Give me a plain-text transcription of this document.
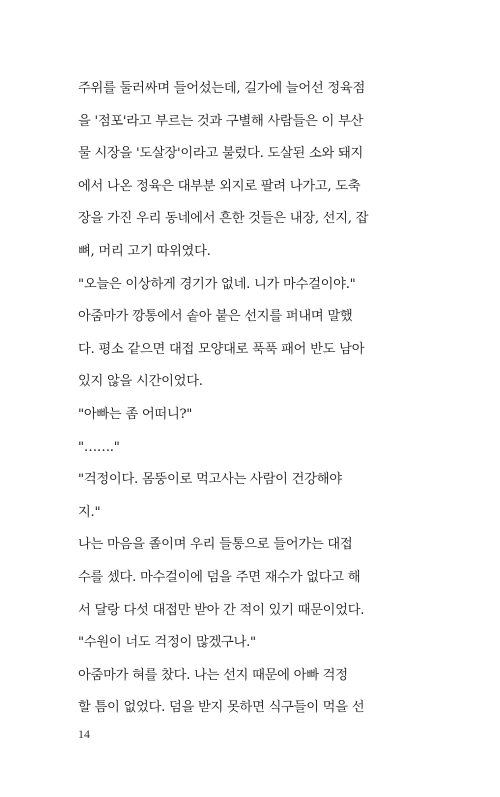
주위를 둘러싸며 들어섰는데, 길가에 늘어선 정육점
을 '점포'라고 부르는 것과 구별해 사람들은 이 부산
물 시장을 '도살장'이라고 불렀다. 도살된 소와 돼지
에서 나온 정육은 대부분 외지로 팔려 나가고, 도축
장을 가진 우리 동네에서 흔한 것들은 내장, 선지, 잡
뼈, 머리 고기 따위였다.
"오늘은 이상하게 경기가 없네. 니가 마수걸이야."
아줌마가 깡통에서 솥아 붙은 선지를 퍼내며 말했
다. 평소 같으면 대접 모양대로 푹푹 패어 반도 남아
있지 않을 시간이었다.
"아빠는 좀 어떠니?"
"……."
"걱정이다. 몸뚱이로 먹고사는 사람이 건강해야
지."
나는 마음을 졸이며 우리 들통으로 들어가는 대접
수를 셌다. 마수걸이에 덤을 주면 재수가 없다고 해
서 달랑 다섯 대접만 받아 간 적이 있기 때문이었다.
"수원이 너도 걱정이 많겠구나."
아줌마가 혀를 찼다. 나는 선지 때문에 아빠 걱정
할 틈이 없었다. 덤을 받지 못하면 식구들이 먹을 선
14
